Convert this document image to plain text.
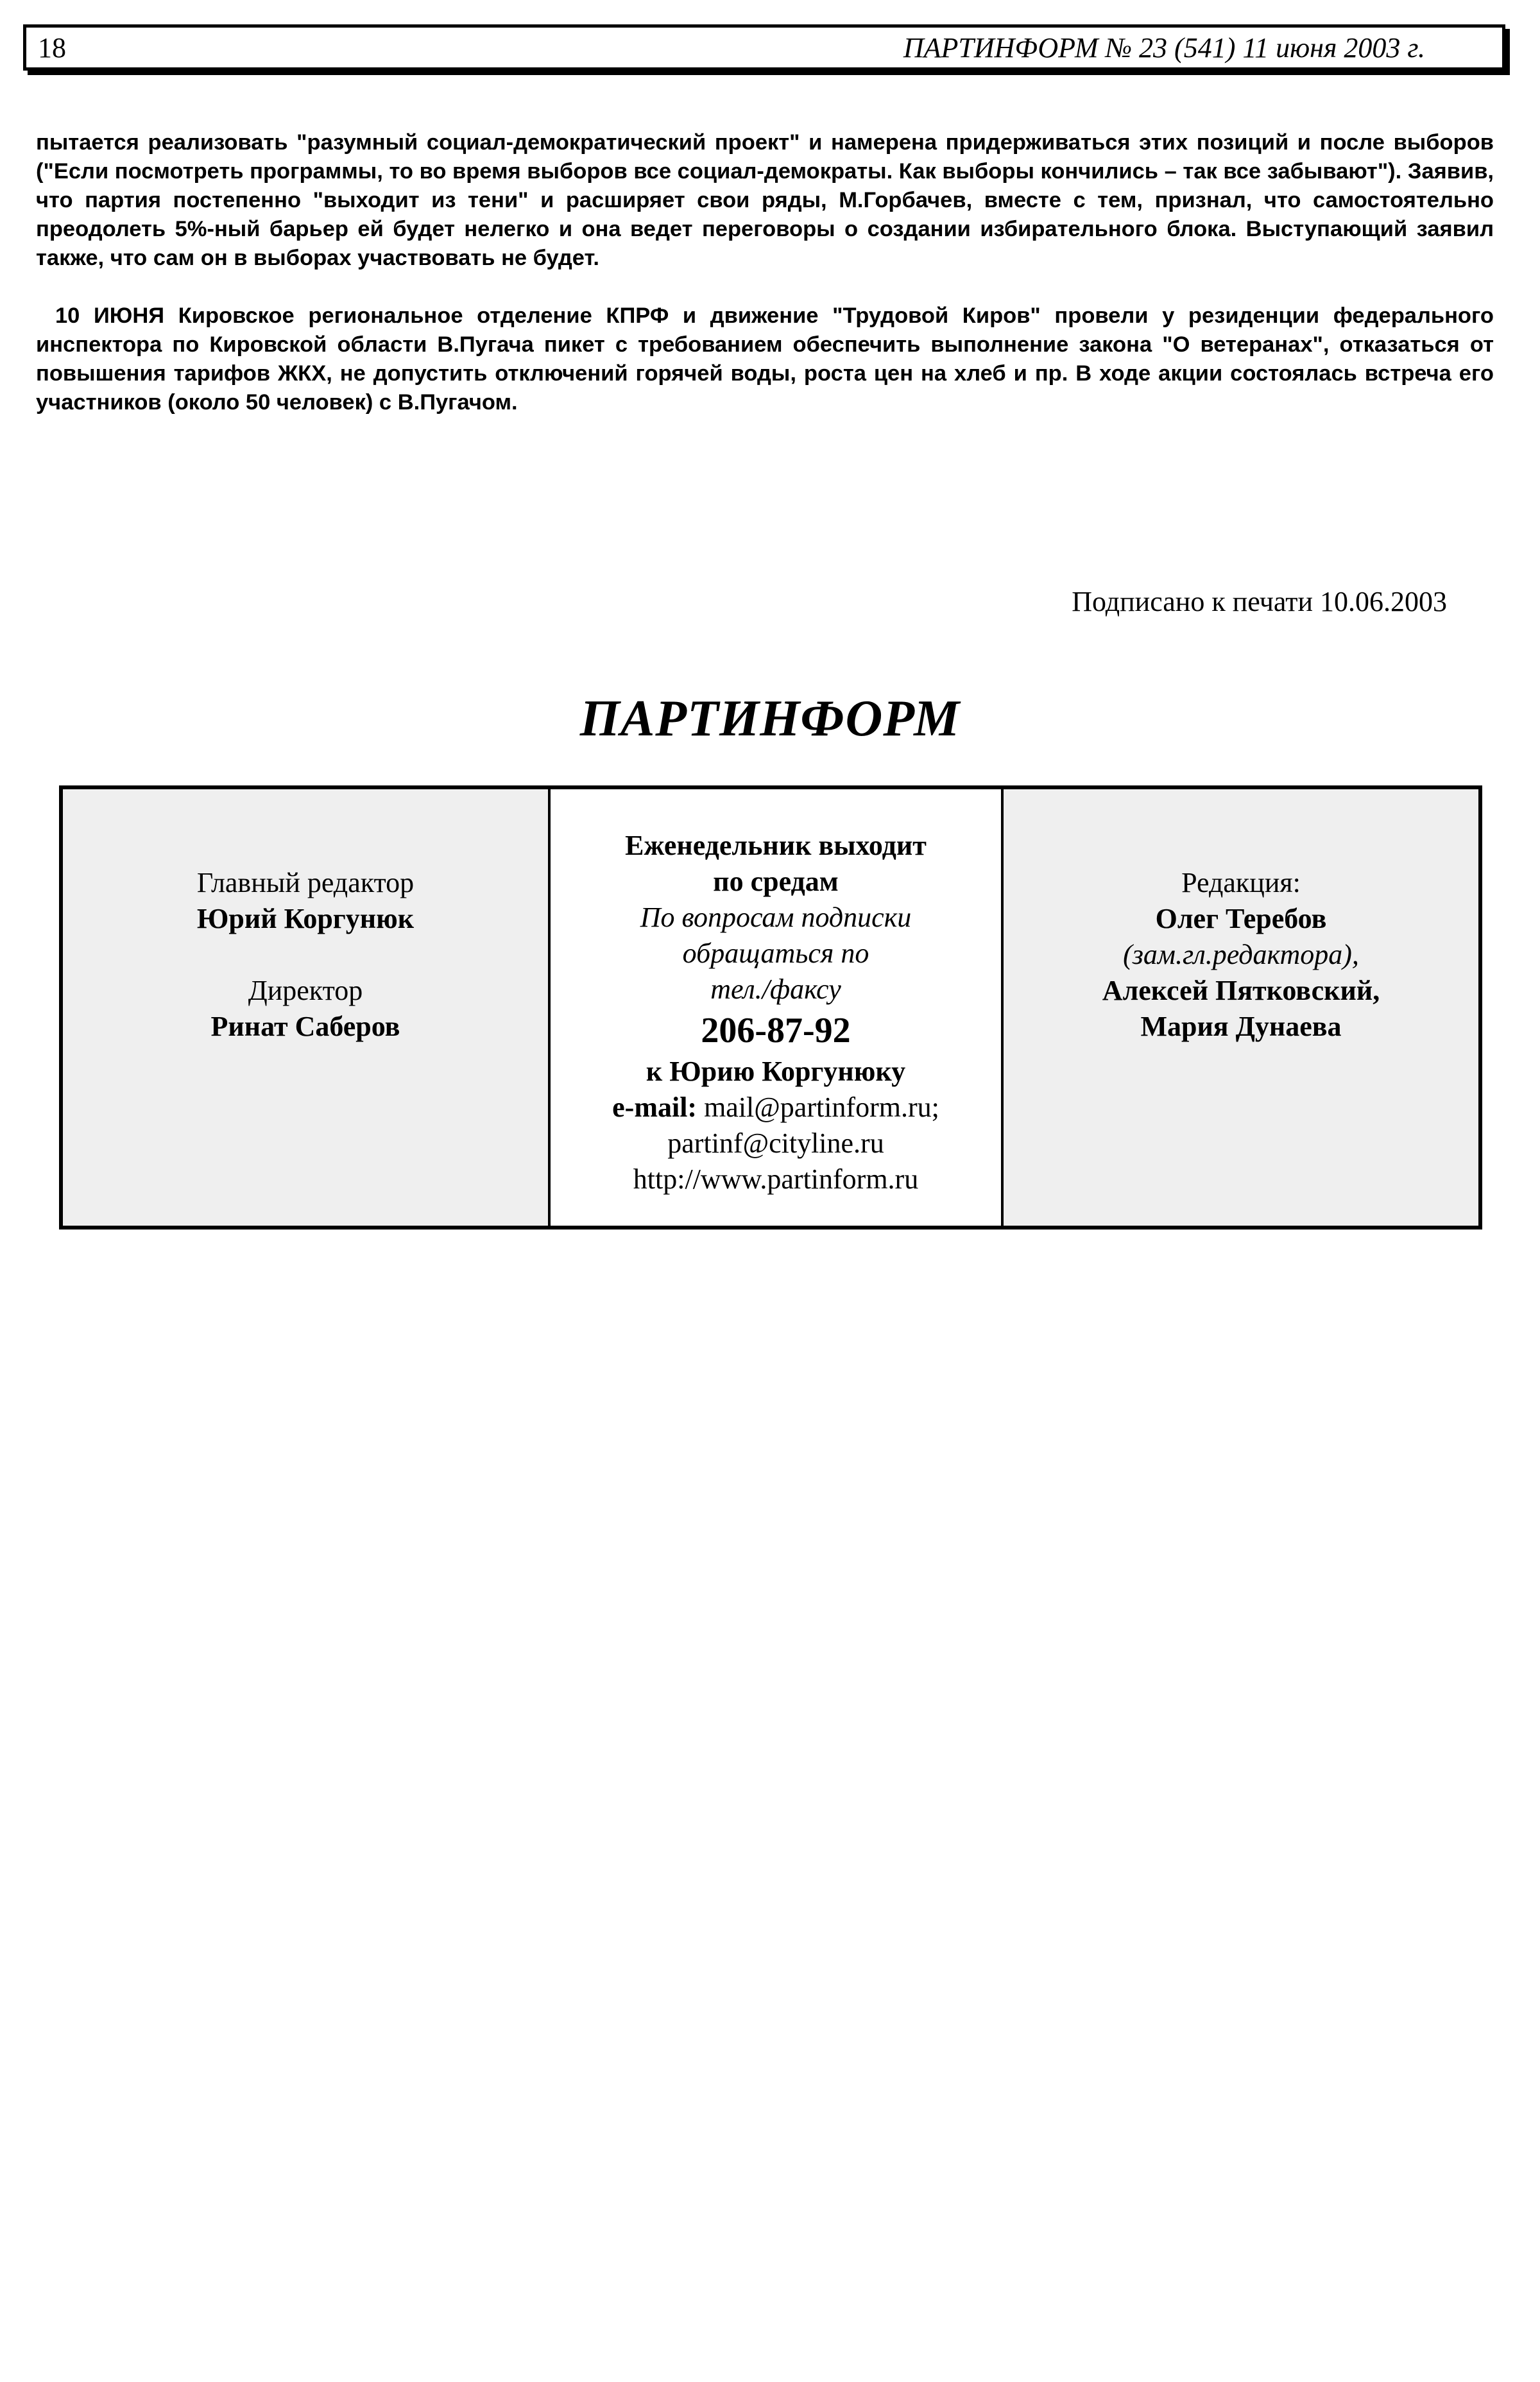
18	ПАРТИНФОРМ № 23 (541) 11 июня 2003 г.

пытается реализовать "разумный социал-демократический проект" и намерена придерживаться этих позиций и после выборов ("Если посмотреть программы, то во время выборов все социал-демократы. Как выборы кончились – так все забывают"). Заявив, что партия постепенно "выходит из тени" и расширяет свои ряды, М.Горбачев, вместе с тем, признал, что самостоятельно преодолеть 5%-ный барьер ей будет нелегко и она ведет переговоры о создании избирательного блока. Выступающий заявил также, что сам он в выборах участвовать не будет.

10 ИЮНЯ Кировское региональное отделение КПРФ и движение "Трудовой Киров" провели у резиденции федерального инспектора по Кировской области В.Пугача пикет с требованием обеспечить выполнение закона "О ветеранах", отказаться от повышения тарифов ЖКХ, не допустить отключений горячей воды, роста цен на хлеб и пр. В ходе акции состоялась встреча его участников (около 50 человек) с В.Пугачом.

Подписано к печати 10.06.2003
ПАРТИНФОРМ
Главный редактор
Юрий Коргунюк
Директор
Ринат Саберов
Еженедельник выходит
по средам
По вопросам подписки
обращаться по
тел./факсу
206-87-92
к Юрию Коргунюку
e-mail: mail@partinform.ru;
partinf@cityline.ru
http://www.partinform.ru
Редакция:
Олег Теребов
(зам.гл.редактора),
Алексей Пятковский,
Мария Дунаева
